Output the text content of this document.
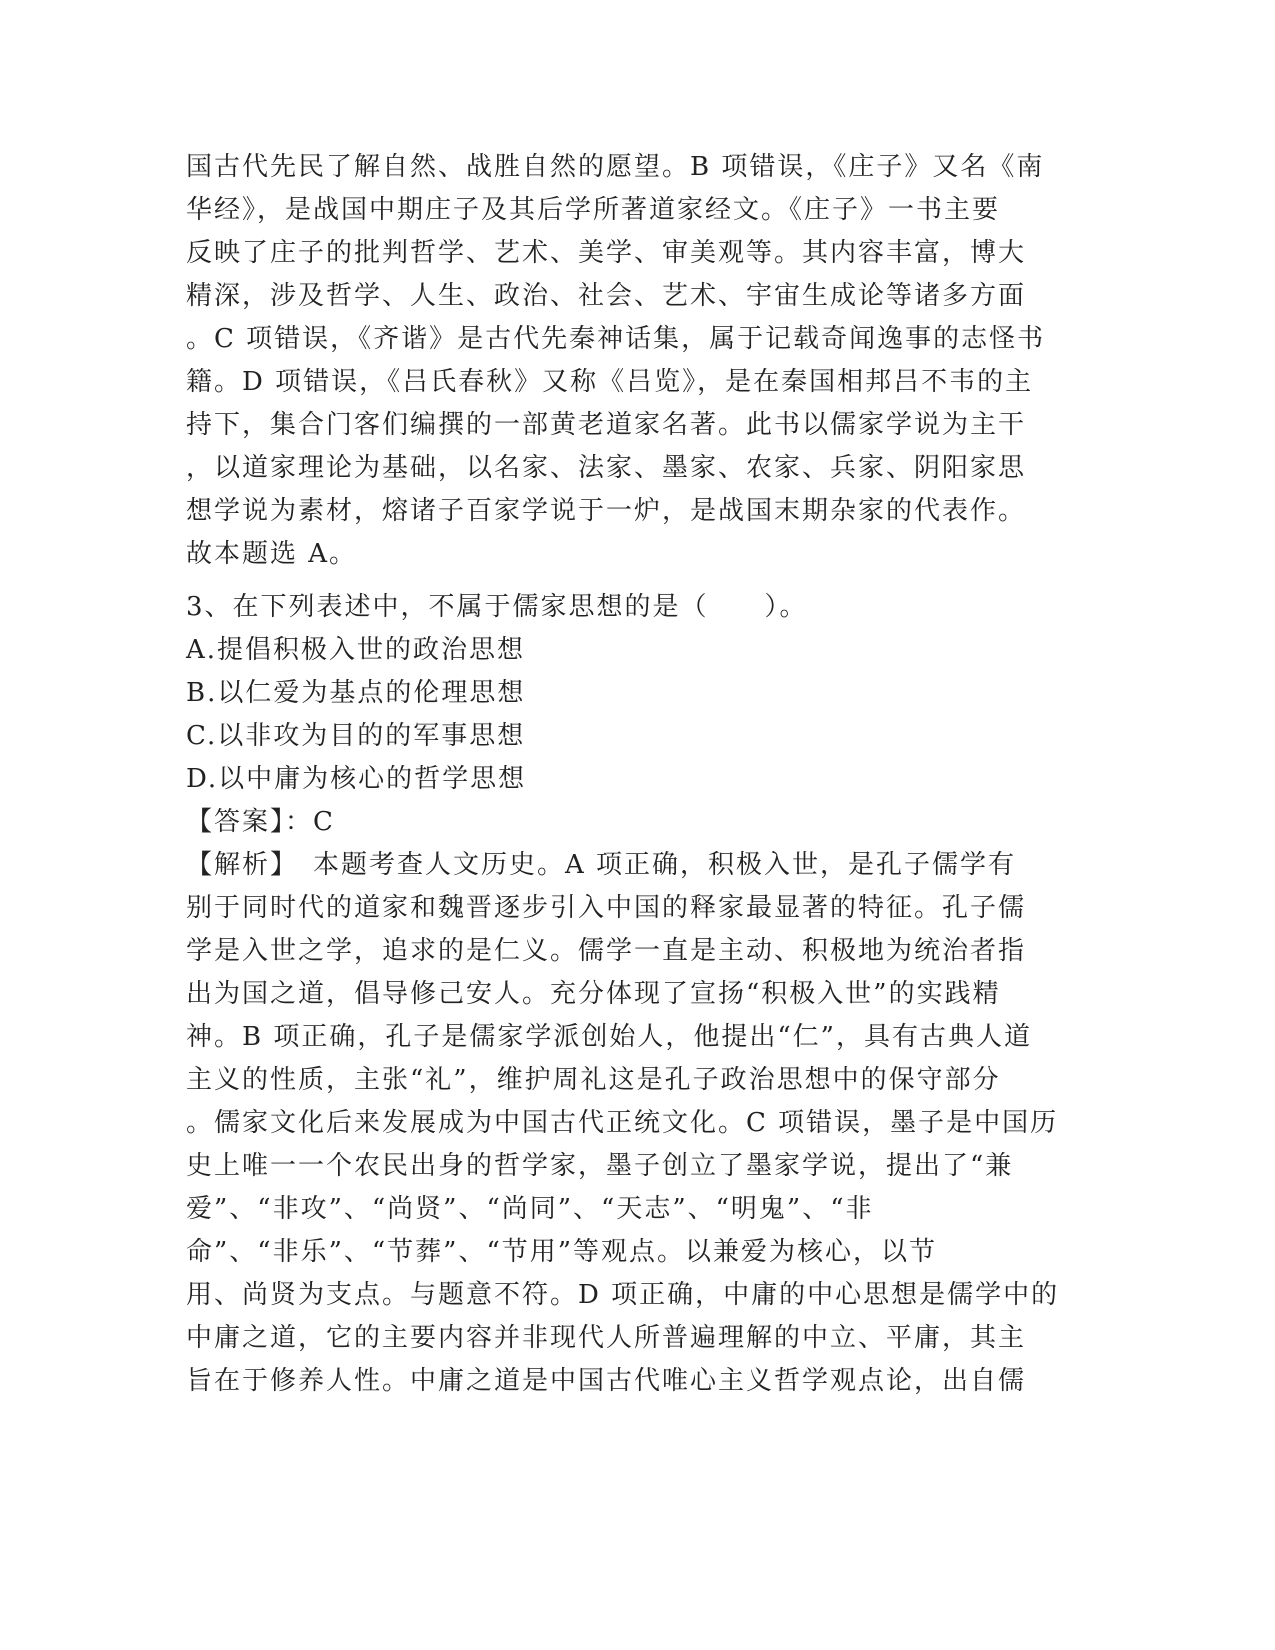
国古代先民了解自然、战胜自然的愿望。B 项错误，《庄子》又名《南
华经》，是战国中期庄子及其后学所著道家经文。《庄子》一书主要
反映了庄子的批判哲学、艺术、美学、审美观等。其内容丰富，博大
精深，涉及哲学、人生、政治、社会、艺术、宇宙生成论等诸多方面
。C 项错误，《齐谐》是古代先秦神话集，属于记载奇闻逸事的志怪书
籍。D 项错误，《吕氏春秋》又称《吕览》，是在秦国相邦吕不韦的主
持下，集合门客们编撰的一部黄老道家名著。此书以儒家学说为主干
，以道家理论为基础，以名家、法家、墨家、农家、兵家、阴阳家思
想学说为素材，熔诸子百家学说于一炉，是战国末期杂家的代表作。
故本题选 A。
3、在下列表述中，不属于儒家思想的是（　　）。
A.提倡积极入世的政治思想
B.以仁爱为基点的伦理思想
C.以非攻为目的的军事思想
D.以中庸为核心的哲学思想
【答案】：C
【解析】　本题考查人文历史。A 项正确，积极入世，是孔子儒学有
别于同时代的道家和魏晋逐步引入中国的释家最显著的特征。孔子儒
学是入世之学，追求的是仁义。儒学一直是主动、积极地为统治者指
出为国之道，倡导修己安人。充分体现了宣扬“积极入世”的实践精
神。B 项正确，孔子是儒家学派创始人，他提出“仁”，具有古典人道
主义的性质，主张“礼”，维护周礼这是孔子政治思想中的保守部分
。儒家文化后来发展成为中国古代正统文化。C 项错误，墨子是中国历
史上唯一一个农民出身的哲学家，墨子创立了墨家学说，提出了“兼
爱”、“非攻”、“尚贤”、“尚同”、“天志”、“明鬼”、“非
命”、“非乐”、“节葬”、“节用”等观点。以兼爱为核心，以节
用、尚贤为支点。与题意不符。D 项正确，中庸的中心思想是儒学中的
中庸之道，它的主要内容并非现代人所普遍理解的中立、平庸，其主
旨在于修养人性。中庸之道是中国古代唯心主义哲学观点论，出自儒
